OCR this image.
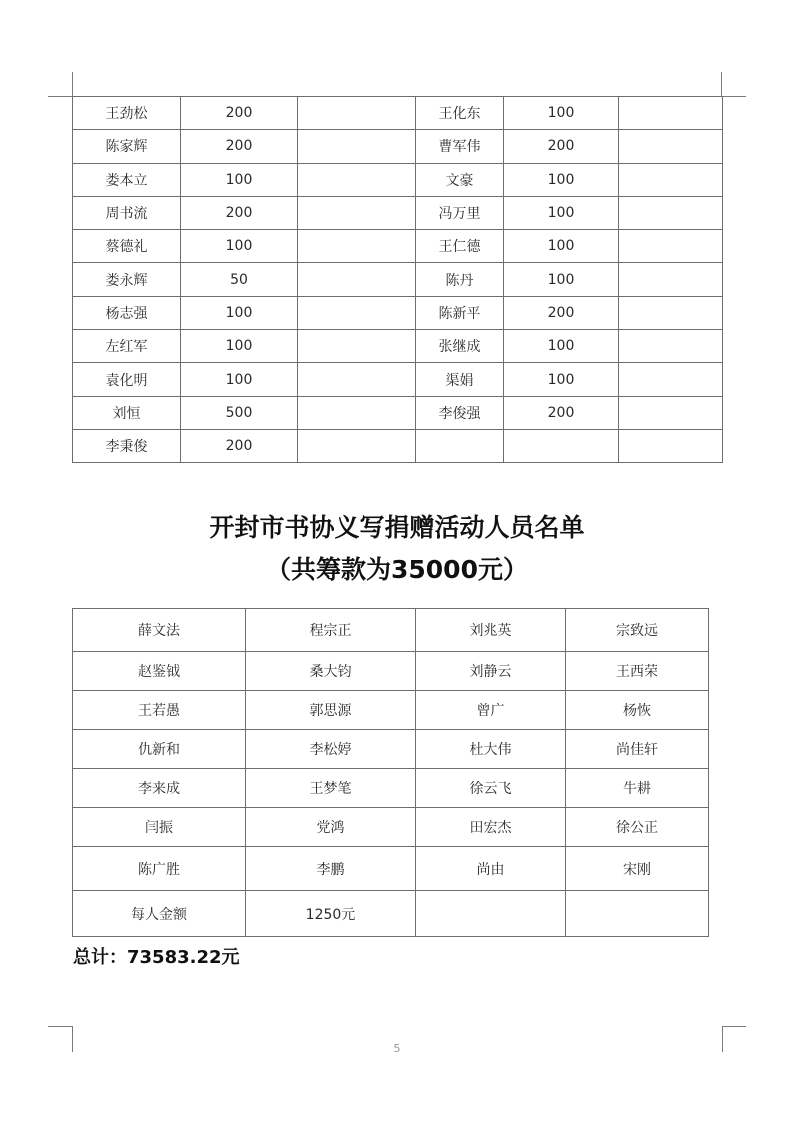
王劲松	200		王化东	100	
陈家辉	200		曹军伟	200	
娄本立	100		文豪	100	
周书流	200		冯万里	100	
蔡德礼	100		王仁德	100	
娄永辉	50		陈丹	100	
杨志强	100		陈新平	200	
左红军	100		张继成	100	
袁化明	100		渠娟	100	
刘恒	500		李俊强	200	
李秉俊	200				
开封市书协义写捐赠活动人员名单
（共筹款为35000元）
薛文法	程宗正	刘兆英	宗致远
赵鉴钺	桑大钧	刘静云	王西荣
王若愚	郭思源	曾广	杨恢
仇新和	李松婷	杜大伟	尚佳轩
李来成	王梦笔	徐云飞	牛耕
闫振	党鸿	田宏杰	徐公正
陈广胜	李鹏	尚由	宋刚
每人金额	1250元		
总计：73583.22元
5
